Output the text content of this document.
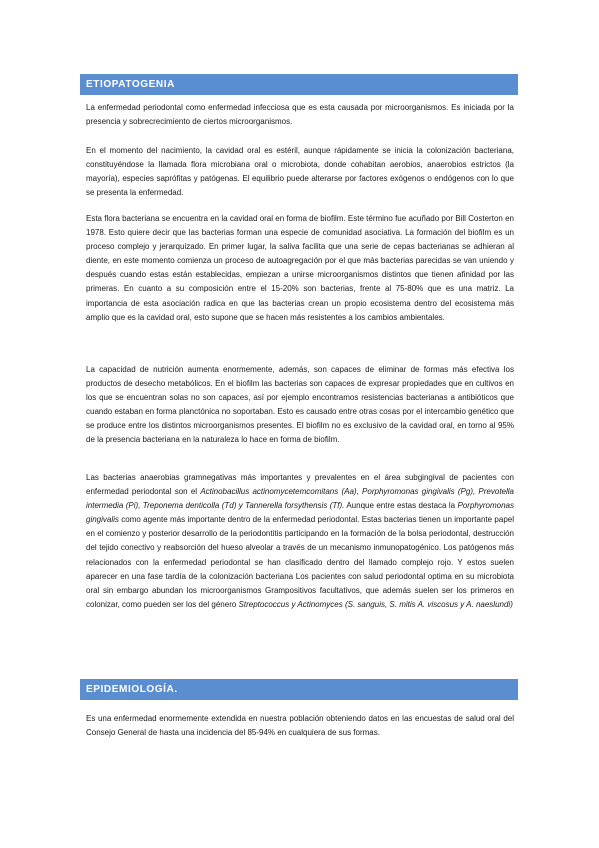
ETIOPATOGENIA

La enfermedad periodontal como enfermedad infecciosa que es esta causada por microorganismos. Es iniciada por la presencia y sobrecrecimiento de ciertos microorganismos.

En el momento del nacimiento, la cavidad oral es estéril, aunque rápidamente se inicia la colonización bacteriana, constituyéndose la llamada flora microbiana oral o microbiota, donde cohabitan aerobios, anaerobios estrictos (la mayoría), especies saprófitas y patógenas. El equilibrio puede alterarse por factores exógenos o endógenos con lo que se presenta la enfermedad.

Esta flora bacteriana se encuentra en la cavidad oral en forma de biofilm. Este término fue acuñado por Bill Costerton en 1978. Esto quiere decir que las bacterias forman una especie de comunidad asociativa. La formación del biofilm es un proceso complejo y jerarquizado. En primer lugar, la saliva facilita que una serie de cepas bacterianas se adhieran al diente, en este momento comienza un proceso de autoagregación por el que más bacterias parecidas se van uniendo y después cuando estas están establecidas, empiezan a unirse microorganismos distintos que tienen afinidad por las primeras. En cuanto a su composición entre el 15-20% son bacterias, frente al 75-80% que es una matriz. La importancia de esta asociación radica en que las bacterias crean un propio ecosistema dentro del ecosistema más amplio que es la cavidad oral, esto supone que se hacen más resistentes a los cambios ambientales.

La capacidad de nutrición aumenta enormemente, además, son capaces de eliminar de formas más efectiva los productos de desecho metabólicos. En el biofilm las bacterias son capaces de expresar propiedades que en cultivos en los que se encuentran solas no son capaces, así por ejemplo encontramos resistencias bacterianas a antibióticos que cuando estaban en forma planctónica no soportaban. Esto es causado entre otras cosas por el intercambio genético que se produce entre los distintos microorganismos presentes. El biofilm no es exclusivo de la cavidad oral, en torno al 95% de la presencia bacteriana en la naturaleza lo hace en forma de biofilm.

Las bacterias anaerobias gramnegativas más importantes y prevalentes en el área subgingival de pacientes con enfermedad periodontal son el Actinobacillus actinomycetemcomitans (Aa), Porphyromonas gingivalis (Pg), Prevotella intermedia (Pi), Treponema denticolla (Td) y Tannerella forsythensis (Tf). Aunque entre estas destaca la Porphyromonas gingivalis como agente más importante dentro de la enfermedad periodontal. Estas bacterias tienen un importante papel en el comienzo y posterior desarrollo de la periodontitis participando en la formación de la bolsa periodontal, destrucción del tejido conectivo y reabsorción del hueso alveolar a través de un mecanismo inmunopatogénico. Los patógenos más relacionados con la enfermedad periodontal se han clasificado dentro del llamado complejo rojo. Y estos suelen aparecer en una fase tardía de la colonización bacteriana Los pacientes con salud periodontal optima en su microbiota oral sin embargo abundan los microorganismos Grampositivos facultativos, que además suelen ser los primeros en colonizar, como pueden ser los del género Streptococcus y Actinomyces (S. sanguis, S. mitis A. viscosus y A. naeslundi)

EPIDEMIOLOGÍA.

Es una enfermedad enormemente extendida en nuestra población obteniendo datos en las encuestas de salud oral del Consejo General de hasta una incidencia del 85-94% en cualquiera de sus formas.
